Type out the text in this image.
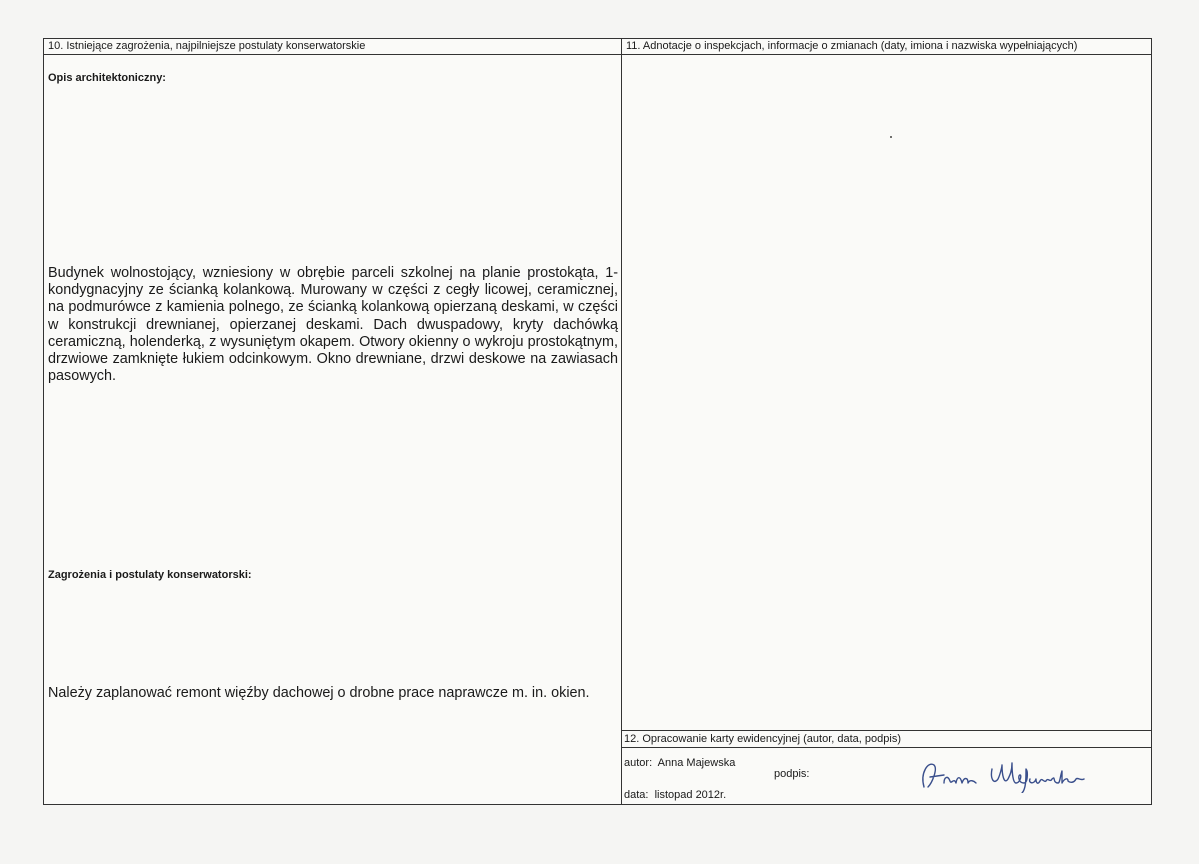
10. Istniejące zagrożenia, najpilniejsze postulaty konserwatorskie
Opis architektoniczny:
Budynek wolnostojący, wzniesiony w obrębie parceli szkolnej na planie prostokąta, 1-kondygnacyjny ze ścianką kolankową. Murowany w części z cegły licowej, ceramicznej, na podmurówce z kamienia polnego, ze ścianką kolankową opierzaną deskami, w części w konstrukcji drewnianej, opierzanej deskami. Dach dwuspadowy, kryty dachówką ceramiczną, holenderką, z wysuniętym okapem. Otwory okienny o wykroju prostokątnym, drzwiowe zamknięte łukiem odcinkowym. Okno drewniane, drzwi deskowe na zawiasach pasowych.
Zagrożenia i postulaty konserwatorski:
Należy zaplanować remont więźby dachowej o drobne prace naprawcze m. in. okien.
11. Adnotacje o inspekcjach, informacje o zmianach (daty, imiona i nazwiska wypełniających)
12. Opracowanie karty ewidencyjnej (autor, data, podpis)
autor: Anna Majewska
podpis:
data: listopad 2012r.
